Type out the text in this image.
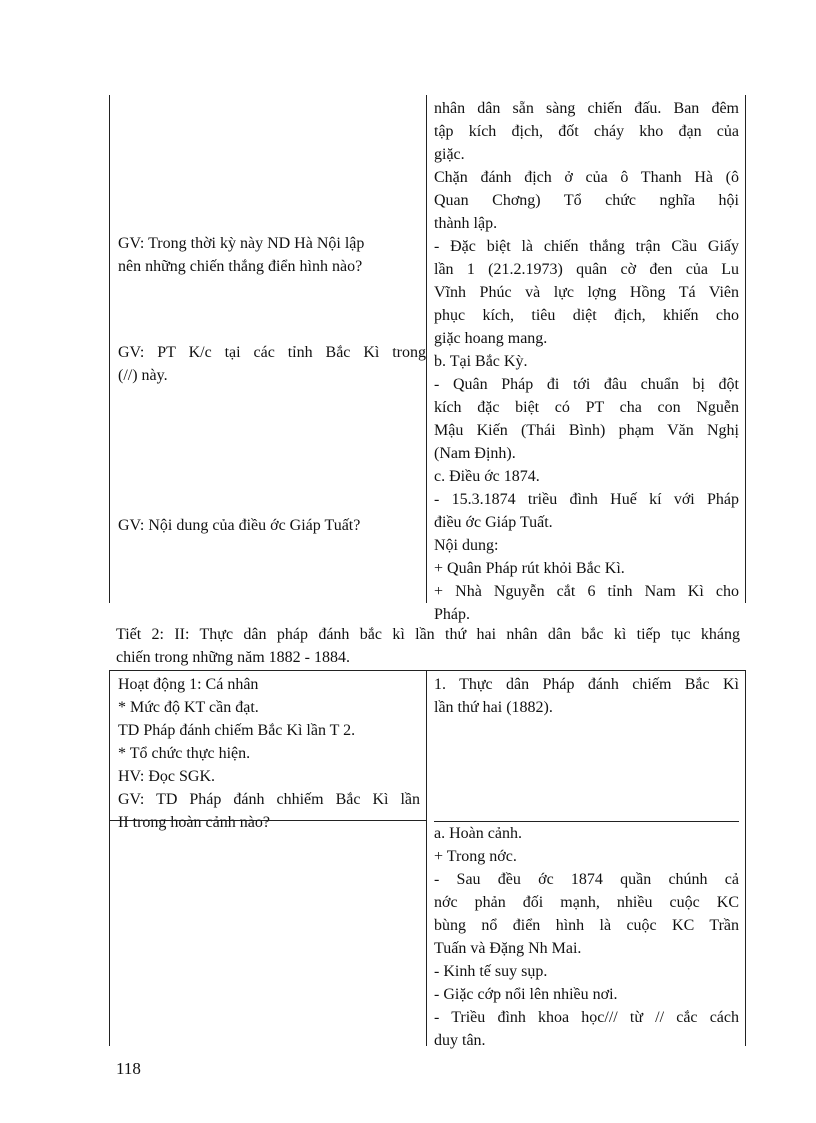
GV: Trong thời kỳ này ND Hà Nội lập
nên những chiến thắng điển hình nào?
GV: PT K/c tại các tỉnh Bắc Kì trong
(//) này.
GV: Nội dung của điều ớc Giáp Tuất?
nhân dân sẵn sàng chiến đấu. Ban đêm
tập kích địch, đốt cháy kho đạn của
giặc.
Chặn đánh địch ở của ô Thanh Hà (ô
Quan Chơng) Tổ chức nghĩa hội
thành lập.
- Đặc biệt là chiến thắng trận Cầu Giấy
lần 1 (21.2.1973) quân cờ đen của Lu
Vĩnh Phúc và lực lợng Hồng Tá Viên
phục kích, tiêu diệt địch, khiến cho
giặc hoang mang.
b. Tại Bắc Kỳ.
- Quân Pháp đi tới đâu chuẩn bị đột
kích đặc biệt có PT cha con Nguễn
Mậu Kiến (Thái Bình) phạm Văn Nghị
(Nam Định).
c. Điều ớc 1874.
- 15.3.1874 triều đình Huế kí với Pháp
điều ớc Giáp Tuất.
Nội dung:
+ Quân Pháp rút khỏi Bắc Kì.
+ Nhà Nguyễn cắt 6 tỉnh Nam Kì cho
Pháp.
Tiết 2: II: Thực dân pháp đánh bắc kì lần thứ hai nhân dân bắc kì tiếp tục kháng
chiến trong những năm 1882 - 1884.
Hoạt động 1: Cá nhân
* Mức độ KT cần đạt.
TD Pháp đánh chiếm Bắc Kì lần T 2.
* Tổ chức thực hiện.
HV: Đọc SGK.
GV: TD Pháp đánh chhiếm Bắc Kì lần
II trong hoàn cảnh nào?
1. Thực dân Pháp đánh chiếm Bắc Kì
lần thứ hai (1882).
a. Hoàn cảnh.
+ Trong nớc.
- Sau đều ớc 1874 quần chúnh cả
nớc phản đối mạnh, nhiều cuộc KC
bùng nổ điển hình là cuộc KC Trần
Tuấn và Đặng Nh Mai.
- Kinh tế suy sụp.
- Giặc cớp nổi lên nhiều nơi.
- Triều đình khoa học/// từ // cắc cách
duy tân.
118
